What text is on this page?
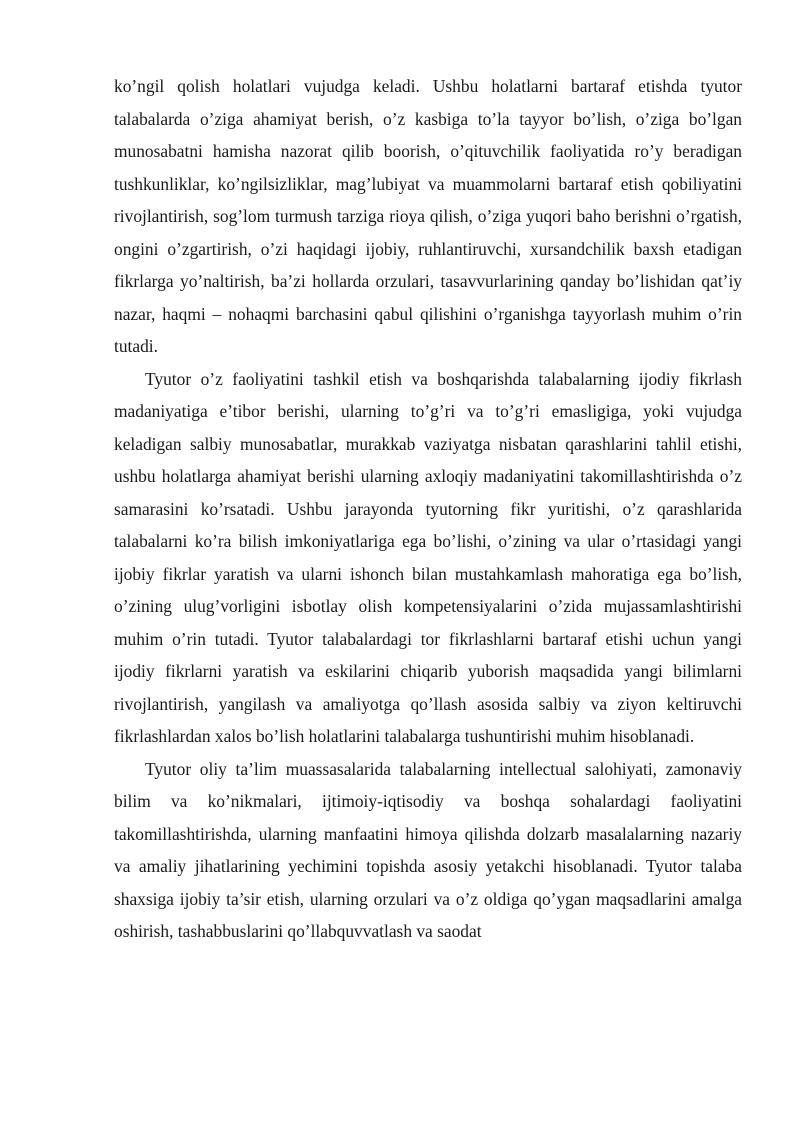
ko’ngil qolish holatlari vujudga keladi. Ushbu holatlarni bartaraf etishda tyutor talabalarda o’ziga ahamiyat berish, o’z kasbiga to’la tayyor bo’lish, o’ziga bo’lgan munosabatni hamisha nazorat qilib boorish, o’qituvchilik faoliyatida ro’y beradigan tushkunliklar, ko’ngilsizliklar, mag’lubiyat va muammolarni bartaraf etish qobiliyatini rivojlantirish, sog’lom turmush tarziga rioya qilish, o’ziga yuqori baho berishni o’rgatish, ongini o’zgartirish, o’zi haqidagi ijobiy, ruhlantiruvchi, xursandchilik baxsh etadigan fikrlarga yo’naltirish, ba’zi hollarda orzulari, tasavvurlarining qanday bo’lishidan qat’iy nazar, haqmi – nohaqmi barchasini qabul qilishini o’rganishga tayyorlash muhim o’rin tutadi.

Tyutor o’z faoliyatini tashkil etish va boshqarishda talabalarning ijodiy fikrlash madaniyatiga e’tibor berishi, ularning to’g’ri va to’g’ri emasligiga, yoki vujudga keladigan salbiy munosabatlar, murakkab vaziyatga nisbatan qarashlarini tahlil etishi, ushbu holatlarga ahamiyat berishi ularning axloqiy madaniyatini takomillashtirishda o’z samarasini ko’rsatadi. Ushbu jarayonda tyutorning fikr yuritishi, o’z qarashlarida talabalarni ko’ra bilish imkoniyatlariga ega bo’lishi, o’zining va ular o’rtasidagi yangi ijobiy fikrlar yaratish va ularni ishonch bilan mustahkamlash mahoratiga ega bo’lish, o’zining ulug’vorligini isbotlay olish kompetensiyalarini o’zida mujassamlashtirishi muhim o’rin tutadi. Tyutor talabalardagi tor fikrlashlarni bartaraf etishi uchun yangi ijodiy fikrlarni yaratish va eskilarini chiqarib yuborish maqsadida yangi bilimlarni rivojlantirish, yangilash va amaliyotga qo’llash asosida salbiy va ziyon keltiruvchi fikrlashlardan xalos bo’lish holatlarini talabalarga tushuntirishi muhim hisoblanadi.

Tyutor oliy ta’lim muassasalarida talabalarning intellectual salohiyati, zamonaviy bilim va ko’nikmalari, ijtimoiy-iqtisodiy va boshqa sohalardagi faoliyatini takomillashtirishda, ularning manfaatini himoya qilishda dolzarb masalalarning nazariy va amaliy jihatlarining yechimini topishda asosiy yetakchi hisoblanadi. Tyutor talaba shaxsiga ijobiy ta’sir etish, ularning orzulari va o’z oldiga qo’ygan maqsadlarini amalga oshirish, tashabbuslarini qo’llabquvvatlash va saodat
